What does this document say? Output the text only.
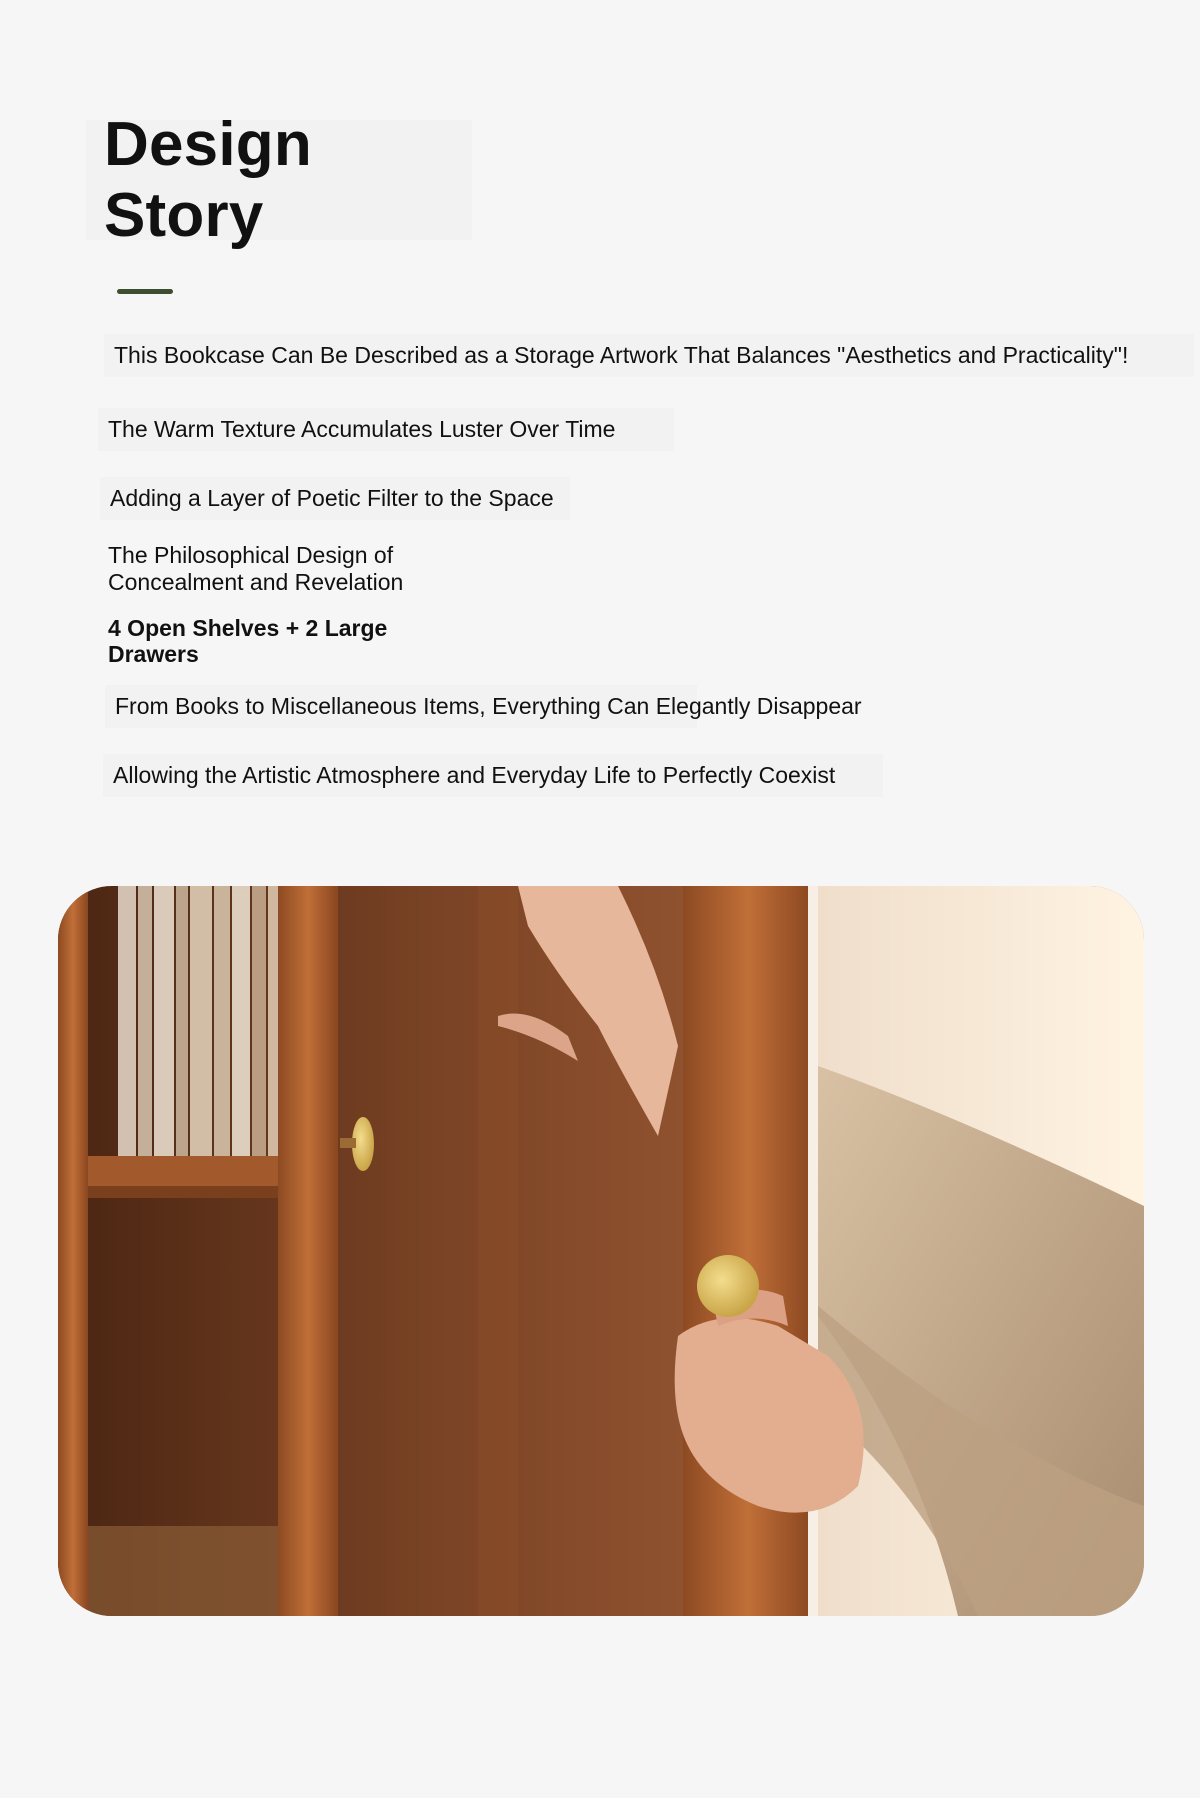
Design Story
This Bookcase Can Be Described as a Storage Artwork That Balances "Aesthetics and Practicality"!
The Warm Texture Accumulates Luster Over Time
Adding a Layer of Poetic Filter to the Space
The Philosophical Design of Concealment and Revelation
4 Open Shelves + 2 Large Drawers
From Books to Miscellaneous Items, Everything Can Elegantly Disappear
Allowing the Artistic Atmosphere and Everyday Life to Perfectly Coexist
